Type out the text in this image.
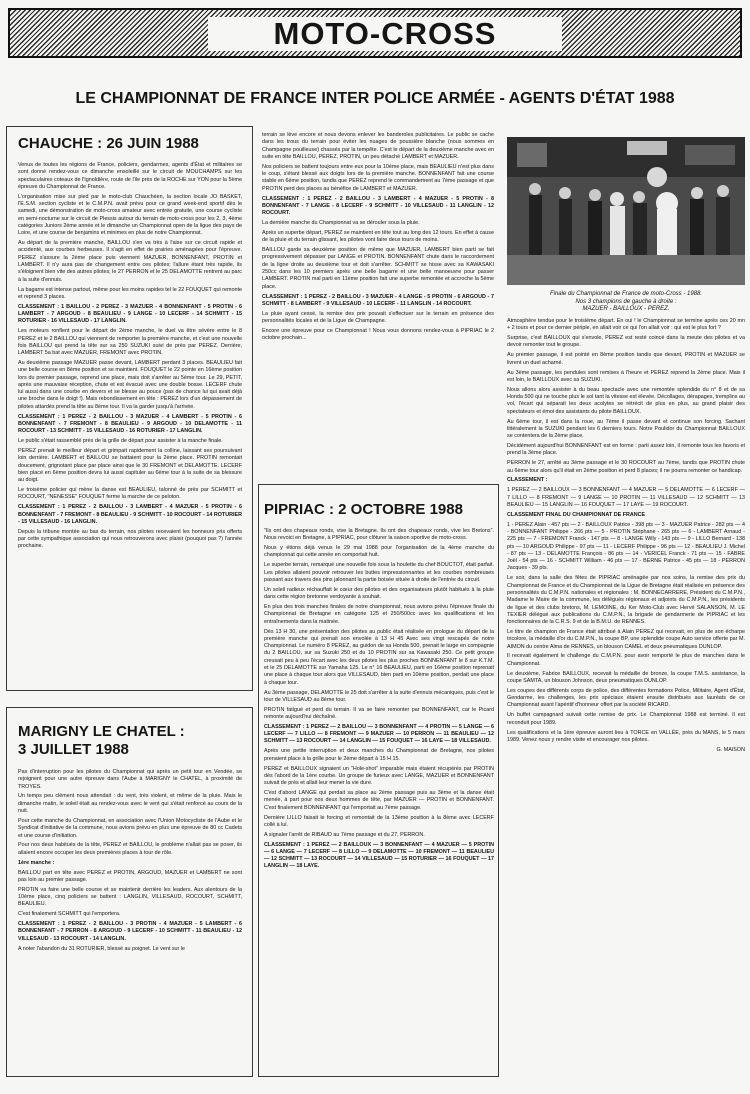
MOTO-CROSS
LE CHAMPIONNAT DE FRANCE INTER POLICE ARMÉE - AGENTS D'ÉTAT 1988
CHAUCHE : 26 JUIN 1988

Venus de toutes les régions de France, policiers, gendarmes, agents d'État et militaires se sont donné rendez-vous ce dimanche ensoleillé sur le circuit de MOUCHAMPS sur les spectaculaires coteaux de l'Ignoldière, route de l'ile près de la ROCHE sur YON pour la 5ème épreuve du Championnat de France.

L'organisation mise sur pied par le moto-club Chauchéen, la section locale JO BASKET, l'E.S.M. section cycliste et le C.M.P.N. avait prévu pour ce grand week-end sportif dès le samedi, une démonstration de moto-cross amateur avec entrée gratuite, une course cycliste en semi-nocturne sur le circuit de Plessis autour du terrain de moto-cross pour les 2, 3, 4ème catégories Juniors 2ème année et le dimanche un Championnat open de la ligue des pays de Loire, et une course de benjamins et minimes en plus de notre Championnat.

Au départ de la première manche, BAILLOU s'en va très à l'aise sur ce circuit rapide et accidenté, aux courbes herbeuses. Il s'agit en effet de prairies aménagées pour l'épreuve. PEREZ s'assure la 2ème place puis viennent MAZUER, BONNENFANT, PROTIN et LAMBERT. Il n'y aura pas de changement entre ces pilotes; l'allure étant très rapide, ils s'éloignent bien vite des autres pilotes; le 27 PERRON et le 25 DELAMOTTE rentrent au parc à la suite d'ennuis.

La bagarre est intense partout, même pour les moins rapides tel le 22 FOUQUET qui remonte et reprend 3 places.

CLASSEMENT : 1 BAILLOU - 2 PEREZ - 3 MAZUER - 4 BONNENFANT - 5 PROTIN - 6 LAMBERT - 7 ARGOUD - 8 BEAULIEU - 9 LANGE - 10 LECERF - 14 SCHMITT - 15 ROTURIER - 16 VILLESAUD - 17 LANGLIN.

Les moteurs ronflent pour le départ de 2ème manche, le duel va être sévère entre le 8 PEREZ et le 2 BAILLOU qui viennent de remporter la première manche, et c'est une nouvelle fois BAILLOU qui prend la tête sur sa 250 SUZUKI suivi de près par PEREZ. Derrière, LAMBERT 5a bat avec MAZUER, FREMONT avec PROTIN.

Au deuxième passage MAZUER passe devant, LAMBERT perdant 3 places. BEAULIEU fait une belle course en 8ème position et se maintient. FOUQUET le 22 pointe en 16ème position lors du premier passage, reprend une place, mais doit s'arrêter au 5ème tour. Le 29, PETIT, après une mauvaise réception, chute et est évacué avec une double bosse. LECERF chute lui aussi dans une courbe en devers et se blesse au pouce (pas de chance lui qui avait déjà une broche dans le doigt !). Mais rebondissement en tête : PEREZ lors d'un dépassement de pilotes attardés prend la tête au 8ème tour. Il va la garder jusqu'à l'arrivée.

CLASSEMENT : 1 PEREZ - 2 BAILLOU - 3 MAZUER - 4 LAMBERT - 5 PROTIN - 6 BONNENFANT - 7 FREMONT - 8 BEAULIEU - 9 ARGOUD - 10 DELAMOTTE - 11 ROCOURT - 13 SCHMITT - 15 VILLESAUD - 16 ROTURIER - 17 LANGLIN.

Le public s'était rassemblé près de la grille de départ pour assister à la manche finale.

PEREZ prenait le meilleur départ et grimpait rapidement la colline, laissant ses poursuivant loin derrière. LAMBERT et BAILLOU se battaient pour la 2ème place. PROTIN remontait doucement, grignotant place par place ainsi que le 30 FREMONT et DELAMOTTE. LECERF bien placé en 6ème position devra lui aussi capituler au 6ème tour à la suite de sa blessure au doigt.

Le troisème policier qui mène la danse est BEAULIEU, talonné de près par SCHMITT et ROCOURT, "NENESSE" FOUQUET ferme la marche de ce peloton.

CLASSEMENT : 1 PEREZ - 2 BAILLOU - 3 LAMBERT - 4 MAZUER - 5 PROTIN - 6 BONNENFANT - 7 FREMONT - 8 BEAULIEU - 9 SCHMITT - 10 ROCOURT - 14 ROTURIER - 15 VILLESAUD - 16 LANGLIN.

Depuis la tribune montée au bas du terrain, nos pilotes recevaient les honneurs pris offerts par cette sympathique association qui nous retrouverons avec plaisir (pouquoi pas ?) l'année prochaine.

MARIGNY LE CHATEL :
3 JUILLET 1988

Pas d'interruption pour les pilotes du Championnat qui après un petit tour en Vendée, se rejoignent pour une autre épreuve dans l'Aube à MARIGNY le CHATEL, à proximité de TROYES.

Un temps peu clément nous attendait : du vent, très violent, et même de la pluie. Mais le dimanche matin, le soleil était au rendez-vous avec le vent qui s'était renforcé au cours de la nuit.

Pour cette manche du Championnat, en association avec l'Union Motocycliste de l'Aube et le Syndicat d'initiative de la commune, nous avions prévu en plus une épreuve de 80 cc Cadets et une course d'initiation.

Pour nos deux habitués de la tête, PEREZ et BAILLOU, le problème n'allait pas se poser, ils allaient encore occuper les deux premières places à tour de rôle.

1ère manche :

BAILLOU part en tête avec PEREZ et PROTIN, ARGOUD, MAZUER et LAMBERT ne sont pas loin au premier passage.

PROTIN va faire une belle course et se maintenir derrière les leaders. Aux alentours de la 10ème place, cinq policiers se battent : LANGLIN, VILLESAUD, ROCOURT, SCHMITT, BEAULIEU.

C'est finalement SCHMITT qui l'emportera.

CLASSEMENT : 1 PEREZ - 2 BAILLOU - 3 PROTIN - 4 MAZUER - 5 LAMBERT - 6 BONNENFANT - 7 PERRON - 8 ARGOUD - 9 LECERF - 10 SCHMITT - 11 BEAULIEU - 12 VILLESAUD - 13 ROCOURT - 14 LANGLIN.

A noter l'abandon du 31 ROTURIER, blessé au poignet. Le vent sur le

terrain se lève encore et nous devons enlever les banderoles publicitaires. Le public se cache dans les trous du terrain pour éviter les nuages de poussière blanche (nous sommes en Champagne pouilleuse) chassés par la tempête. C'est le départ de la deuxième manche avec en suite en tête BAILLOU, PEREZ, PROTIN, un peu détaché LAMBERT et MAZUER.

Nos policiers se battent toujours entre eux pour la 10ème place, mais BEAULIEU n'est plus dans le coup, s'étant blessé aux doigts lors de la première manche. BONNENFANT fait une course stable en 6ème position, tandis que PEREZ reprend le commandement au 7ème passage et que PROTIN perd des places au bénéfice de LAMBERT et MAZUER.

CLASSEMENT : 1 PEREZ - 2 BAILLOU - 3 LAMBERT - 4 MAZUER - 5 PROTIN - 8 BONNENFANT - 7 LANGE - 8 LECERF - 9 SCHMITT - 10 VILLESAUD - 11 LANGLIN - 12 ROCOURT.

La dernière manche du Championnat va se dérouler sous la pluie.

Après un superbe départ, PEREZ se maintient en tête tout au long des 12 tours. En effet à cause de la pluie et du terrain glissant, les pilotes vont faire deux tours de moins.

BAILLOU garde sa deuxième position de même que MAZUER, LAMBERT bien parti se fait progressivement dépasser par LANGE et PROTIN. BONNENFANT chute dans le raccordement de la ligne droite au deuxième tour et doit s'arrêter. SCHMITT se hisse avec sa KAWASAKI 250cc dans les 10 premiers après une belle bagarre et une belle manoeuvre pour passer LAMBERT. PROTIN mal parti en 11ème position fait une superbe remontée et accroche la 5ème place.

CLASSEMENT : 1 PEREZ - 2 BAILLOU - 3 MAZUER - 4 LANGE - 5 PROTIN - 6 ARGOUD - 7 SCHMITT - 8 LAMBERT - 9 VILLESAUD - 10 LECERF - 11 LANGLIN - 14 ROCOURT.

La pluie ayant cessé, la remise des prix pouvait s'effectuer sur le terrain en présence des personnalités locales et de la Ligue de Champagne.

Encore une épreuve pour ce Championnat ! Nous vous donnons rendez-vous à PIPRIAC le 2 octobre prochain...

PIPRIAC : 2 OCTOBRE 1988

"Ils ont des chapeaux ronds, vive la Bretagne. Ils ont des chapeaux ronds, vive les Bretons". Nous revoici en Bretagne, à PIPRIAC, pour clôturer la saison sportive de moto-cross.

Nous y étions déjà venus le 29 mai 1988 pour l'organisation de la 4ème manche du championnat qui cette année en comportait huit.

Le superbe terrain, remarqué une nouvelle fois sous la houlette du chef BOUCTOT, était parfait. Les pilotes allaient pouvoir retrouver les buttes impressionnantes et les courbes nombreuses passant aux travers des pins jalonnant la partie boisée située à droite de l'entrée du circuit.

Un soleil radieux réchauffait le cœur des pilotes et des organisateurs plutôt habitués à la pluie dans cette région bretonne verdoyante à souhait.

En plus des trois manches finales de notre championnat, nous avions prévu l'épreuve finale du Championnat de Bretagne en catégorie 125 et 250/500cc avec les qualifications et les entraînements dans la matinée.

Dès 13 H 30, une présentation des pilotes au public était réalisée en prologue du départ de la première manche qui prenait son envolée à 13 H 45 Avec ses vingt rescapés de notre Championnat. Le numéro 8 PEREZ, au guidon de sa Honda 500, prenait le large en compagnie du 2 BAILLOU, sur sa Suzuki 250 et du 10 PROTIN sur sa Kawasaki 250. Ce petit groupe creusait peu à peu l'écart avec les deux pilotes les plus proches BONNENFANT le 8 sur K.T.M. et le 25 DELAMOTTE sur Yamaha 125. Le n° 16 BEAULIEU, parti en 16ème position reprenait une place à chaque tour alors que VILLESAUD, bien parti en 10ème position, perdait une place à chaque tour.

Au 3ème passage, DELAMOTTE le 25 doit s'arrêter à la suite d'ennuis mécaniques, puis c'est le tour de VILLESAUD au 8ème tour.

PROTIN fatigué et perd du terrain. Il va se faire remonter par BONNENFANT, car le Picard remonte aujourd'hui déchaîné.

CLASSEMENT : 1 PEREZ — 2 BAILLOU — 3 BONNENFANT — 4 PROTIN — 5 LANGE — 6 LECERF — 7 LILLO — 8 FREMONT — 9 MAZUER — 10 PERRON — 11 BEAULIEU — 12 SCHMITT — 13 ROCOURT — 14 LANGLIN — 15 FOUQUET — 16 LAYE — 18 VILLESAUD.

Après une petite interruption et deux manches du Championnat de Bretagne, nos pilotes prenaient place à la grille pour le 2ème départ à 15 H 15.

PEREZ et BAILLOUX signaient un "Hole-shot" imparable mais étaient récupérés par PROTIN dès l'abord de la 1ère courbe. Un groupe de furieux avec LANGE, MAZUER et BONNENFANT suivait de près et allait leur mener la vie dure.

C'est d'abord LANGE qui perdait sa place au 2ème passage puis au 3ème et la danse était menée, à part pour nos deux hommes de tête, par MAZUER — PROTIN et BONNENFANT. C'est finalement BONNENFANT qui l'emportait au 7ème passage.

Dernière LILLO faisait le forcing et remontait de la 13ème position à la 8ème avec LECERF collé à lui.

A signaler l'arrêt de RIBAUD au 7ème passage et du 27, PERRON.

CLASSEMENT : 1 PEREZ — 2 BAILLOUX — 3 BONNENFANT — 4 MAZUER — 5 PROTIN — 6 LANGE — 7 LECERF — 8 LILLO — 9 DELAMOTTE — 10 FREMONT — 11 BEAULIEU — 12 SCHMITT — 13 ROCOURT — 14 VILLESAUD — 15 ROTURIER — 16 FOUQUET — 17 LANGLIN — 18 LAYE.

Finale du Championnat de France de moto-Cross - 1988.
Nos 3 champions de gauche à droite :
MAZUER - BAILLOUX - PEREZ.

Atmosphère tendue pour le troisième départ. En oui ! le Championnat se termine après ces 20 mn + 2 tours et pour ce dernier périple, en allait voir ce qui l'on allait voir : qui est le plus fort ?

Surprise, c'est BAILLOUX qui s'envole, PEREZ est resté coincé dans la meute des pilotes et va devoir remonter tout le groupe.

Au premier passage, il est pointé en 8ème position tandis que devant, PROTIN et MAZUER se livrent un duel acharné.

Au 3ème passage, les pendules sont remises à l'heure et PEREZ reprend la 2ème place. Mais il est loin, le BAILLOUX avec sa SUZUKI.

Nous allons alors assister à du beau spectacle avec une remontée splendide du n° 8 et de sa Honda 500 qui ne touche plus le sol tant la vitesse est élevée. Décollages, dérapages, tremplins au vol, l'écart qui séparait les deux acolytes se rétrécit de plus en plus, au grand plaisir des spectateurs et émoi des assistants du pilote BAILLOUX.

Au 6ème tour, il est dans la roue, au 7ème il passe devant et continue son forcing. Sachant littéralement la SUZUKI pendant les 6 derniers tours. Notre Poulidor du Championnat BAILLOUX se contentera de la 2ème place.

Décidément aujourd'hui BONNENFANT est en forme : parti assez loin, il remonte tous les favoris et prend la 3ème place.

PERRON le 27, arrêté au 3ème passage et le 30 ROCOURT au 7ème, tandis que PROTIN chute au 6ème tour alors qu'il était en 2ème position et perd 8 places; il ne pourra remonter ce handicap.

CLASSEMENT :

1 PEREZ — 2 BAILLOUX — 3 BONNENFANT — 4 MAZUER — 5 DELAMOTTE — 6 LECERF — 7 LILLO — 8 FREMONT — 9 LANGE — 10 PROTIN — 11 VILLESAUD — 12 SCHMITT — 13 BEAULIEU — 15 LANGLIN — 16 FOUQUET — 17 LAYE — 19 ROCOURT.

CLASSEMENT FINAL DU CHAMPIONNAT DE FRANCE

1 - PEREZ Alain - 457 pts — 2 - BAILLOUX Patrice - 398 pts — 3 - MAZUER Patrice - 282 pts — 4 - BONNENFANT Philippe - 266 pts — 5 - PROTIN Stéphane - 265 pts — 6 - LAMBERT Arnaud - 225 pts — 7 - FREMONT Franck - 147 pts — 8 - LANGE Willy - 143 pts — 9 - LILLO Bernard - 138 pts — 10 ARGOUD Philippe - 97 pts — 11 - LECERF Philippe - 96 pts — 12 - BEAULIEU J. Michel - 87 pts — 13 - DELAMOTTE François - 86 pts — 14 - VERICEL Franck - 71 pts — 15 - FABRE Joël - 54 pts — 16 - SCHMITT William - 46 pts — 17 - BERNE Patrice - 45 pts — 18 - PERRON Jacques - 39 pts.

Le soir, dans la salle des fêtes de PIPRIAC aménagée par nos soins, la remise des prix du Championnat de France et du Championnat de la Ligue de Bretagne était réalisée en présence des personnalités du C.M.P.N. nationales et régionales : M. BONNECARRERE, Président du C.M.P.N., Madame le Maire de la commune, les délégués régionaux et adjoints du C.M.P.N., les présidents de ligue et des clubs bretons, M. LEMOINE, du Ker Moto-Club avec Hervé SALANSON, M. LE TEXIER délégué aux publications du C.M.P.N., la brigade de gendarmerie de PIPRIAC et les fonctionnaires de la C.R.S. 9 et de la B.M.U. de RENNES.

Le titre de champion de France était attribué à Alain PEREZ qui recevait, en plus de son écharpe tricolore, la médaille d'or du C.M.P.N., la coupe BP, une splendide coupe Auto service offerte par M. AIMON du centre Alma de RENNES, un blouson CAMEL et deux pneumatiques DUNLOP.

Il recevait également le challenge du C.M.P.N. pour avoir remporté le plus de manches dans le Championnat.

Le deuxième, Fabrice BAILLOUX, recevait la médaille de bronze, la coupe T.M.S. assistance, la coupe SAMTA, un blouson Johnson, deux pneumatiques DUNLOP.

Les coupes des différents corps de police, des différentes formations Police, Militaire, Agent d'État, Gendarme, les challenges, les prix spéciaux étaient ensuite distribués aux lauréats de ce Championnat avant l'apéritif d'honneur offert par la société RICARD.

Un buffet campagnard suivait cette remise de prix. Le Championnat 1988 est terminé. Il est reconduit pour 1989.

Les qualifications et la 1ère épreuve auront lieu à TORCE en VALLÉE, près du MANS, le 5 mars 1989. Venez nous y rendre visite et encourager nos pilotes.

G. MAISON
